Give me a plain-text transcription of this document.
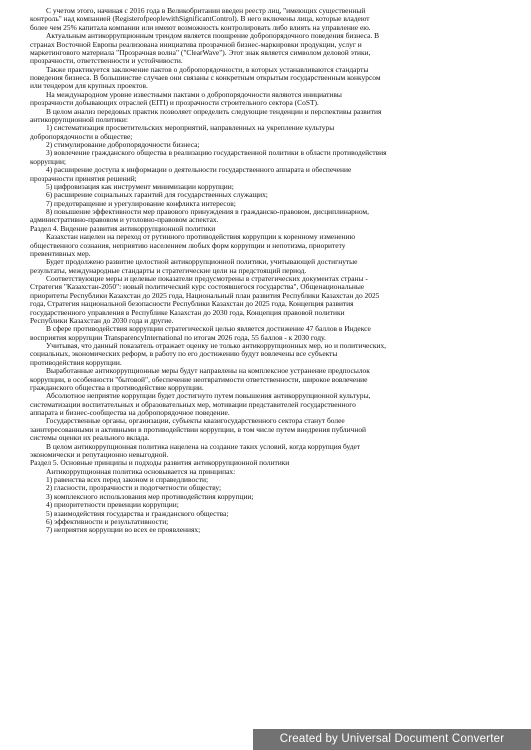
С учетом этого, начиная с 2016 года в Великобритании введен реестр лиц, "имеющих существенный
контроль" над компанией (RegisterofpeoplewithSignificantControl). В него включены лица, которые владеют
более чем 25% капитала компании или имеют возможность контролировать либо влиять на управление ею.
Актуальным антикоррупционным трендом является поощрение добропорядочного поведения бизнеса. В
странах Восточной Европы реализована инициатива прозрачной бизнес-маркировки продукции, услуг и
маркетингового материала "Прозрачная волна" ("ClearWave"). Этот знак является символом деловой этики,
прозрачности, ответственности и устойчивости.
Также практикуется заключение пактов о добропорядочности, в которых устанавливаются стандарты
поведения бизнеса. В большинстве случаев они связаны с конкретным открытым государственным конкурсом
или тендером для крупных проектов.
На международном уровне известными пактами о добропорядочности являются инициативы
прозрачности добывающих отраслей (EITI) и прозрачности строительного сектора (CoST).
В целом анализ передовых практик позволяет определить следующие тенденции и перспективы развития
антикоррупционной политики:
1) систематизация просветительских мероприятий, направленных на укрепление культуры
добропорядочности в обществе;
2) стимулирование добропорядочности бизнеса;
3) вовлечение гражданского общества в реализацию государственной политики в области противодействия
коррупции;
4) расширение доступа к информации о деятельности государственного аппарата и обеспечение
прозрачности принятия решений;
5) цифровизация как инструмент минимизации коррупции;
6) расширение социальных гарантий для государственных служащих;
7) предотвращение и урегулирование конфликта интересов;
8) повышение эффективности мер правового принуждения в гражданско-правовом, дисциплинарном,
административно-правовом и уголовно-правовом аспектах.
Раздел 4. Видение развития антикоррупционной политики
Казахстан нацелен на переход от рутинного противодействия коррупции к коренному изменению
общественного сознания, неприятию населением любых форм коррупции и непотизма, приоритету
превентивных мер.
Будет продолжено развитие целостной антикоррупционной политики, учитывающей достигнутые
результаты, международные стандарты и стратегические цели на предстоящий период.
Соответствующие меры и целевые показатели предусмотрены в стратегических документах страны -
Стратегия "Казахстан-2050": новый политический курс состоявшегося государства", Общенациональные
приоритеты Республики Казахстан до 2025 года, Национальный план развития Республики Казахстан до 2025
года, Стратегия национальной безопасности Республики Казахстан до 2025 года, Концепция развития
государственного управления в Республике Казахстан до 2030 года, Концепция правовой политики
Республики Казахстан до 2030 года и другие.
В сфере противодействия коррупции стратегической целью является достижение 47 баллов в Индексе
восприятия коррупции TransparencyInternational по итогам 2026 года, 55 баллов - к 2030 году.
Учитывая, что данный показатель отражает оценку не только антикоррупционных мер, но и политических,
социальных, экономических реформ, в работу по его достижению будут вовлечены все субъекты
противодействия коррупции.
Выработанные антикоррупционные меры будут направлены на комплексное устранение предпосылок
коррупции, в особенности "бытовой", обеспечение неотвратимости ответственности, широкое вовлечение
гражданского общества в противодействие коррупции.
Абсолютное неприятие коррупции будет достигнуто путем повышения антикоррупционной культуры,
систематизации воспитательных и образовательных мер, мотивации представителей государственного
аппарата и бизнес-сообщества на добропорядочное поведение.
Государственные органы, организации, субъекты квазигосударственного сектора станут более
заинтересованными и активными в противодействии коррупции, в том числе путем внедрения публичной
системы оценки их реального вклада.
В целом антикоррупционная политика нацелена на создание таких условий, когда коррупция будет
экономически и репутационно невыгодной.
Раздел 5. Основные принципы и подходы развития антикоррупционной политики
Антикоррупционная политика основывается на принципах:
1) равенства всех перед законом и справедливости;
2) гласности, прозрачности и подотчетности обществу;
3) комплексного использования мер противодействия коррупции;
4) приоритетности превенции коррупции;
5) взаимодействия государства и гражданского общества;
6) эффективности и результативности;
7) неприятия коррупции во всех ее проявлениях;
Created by Universal Document Converter
